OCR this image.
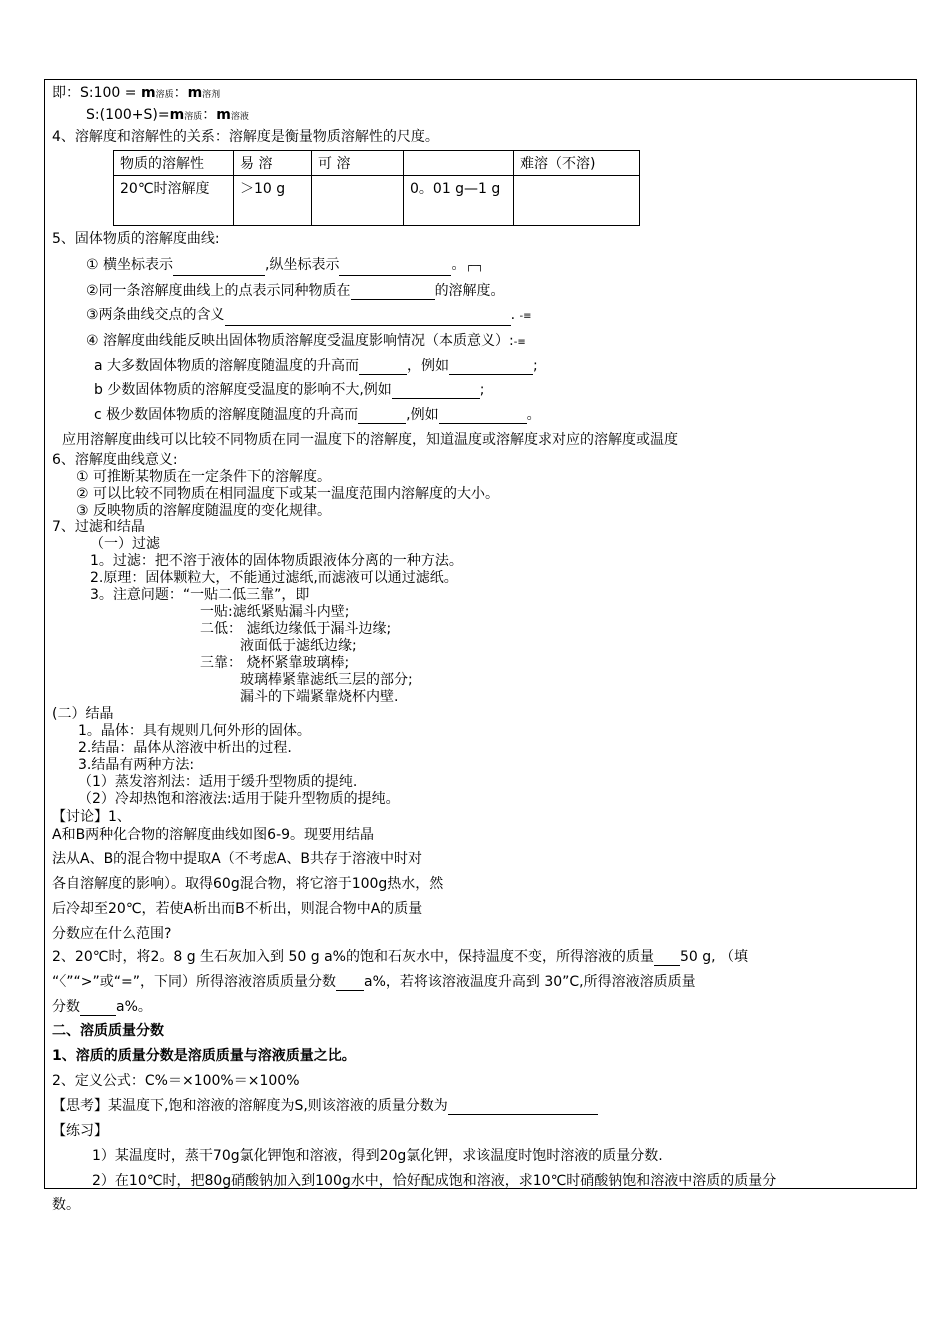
即：S:100 = m溶质：m溶剂
S:(100+S)=m溶质：m溶液
4、溶解度和溶解性的关系：溶解度是衡量物质溶解性的尺度。
物质的溶解性	易 溶	可 溶		难溶（不溶)
20℃时溶解度	＞10 g		0。01 g—1 g	
5、固体物质的溶解度曲线:
① 横坐标表示	,纵坐标表示	。┌─┐
②同一条溶解度曲线上的点表示同种物质在	的溶解度。
③两条曲线交点的含义	. -≡
④ 溶解度曲线能反映出固体物质溶解度受温度影响情况（本质意义）:-≡
a 大多数固体物质的溶解度随温度的升高而	，例如	;
b 少数固体物质的溶解度受温度的影响不大,例如	;
c 极少数固体物质的溶解度随温度的升高而	,例如	。
应用溶解度曲线可以比较不同物质在同一温度下的溶解度，知道温度或溶解度求对应的溶解度或温度
6、溶解度曲线意义:
① 可推断某物质在一定条件下的溶解度。
② 可以比较不同物质在相同温度下或某一温度范围内溶解度的大小。
③ 反映物质的溶解度随温度的变化规律。
7、过滤和结晶
（一）过滤
1。过滤：把不溶于液体的固体物质跟液体分离的一种方法。
2.原理：固体颗粒大，不能通过滤纸,而滤液可以通过滤纸。
3。注意问题：“一贴二低三靠”，即
一贴:滤纸紧贴漏斗内壁;
二低： 滤纸边缘低于漏斗边缘;
液面低于滤纸边缘;
三靠： 烧杯紧靠玻璃棒;
玻璃棒紧靠滤纸三层的部分;
漏斗的下端紧靠烧杯内壁.
(二）结晶
1。晶体：具有规则几何外形的固体。
2.结晶：晶体从溶液中析出的过程.
3.结晶有两种方法:
（1）蒸发溶剂法：适用于缓升型物质的提纯.
（2）冷却热饱和溶液法:适用于陡升型物质的提纯。
【讨论】1、
A和B两种化合物的溶解度曲线如图6-9。现要用结晶
法从A、B的混合物中提取A（不考虑A、B共存于溶液中时对
各自溶解度的影响）。取得60g混合物，将它溶于100g热水，然
后冷却至20℃，若使A析出而B不析出，则混合物中A的质量
分数应在什么范围?
2、20℃时，将2。8 g 生石灰加入到 50 g a%的饱和石灰水中，保持温度不变，所得溶液的质量 50 g, （填
“〈”“>”或“=”，下同）所得溶液溶质质量分数 a%，若将该溶液温度升高到 30”C,所得溶液溶质质量
分数	a%。
二、溶质质量分数
1、溶质的质量分数是溶质质量与溶液质量之比。
2、定义公式：C%＝×100%＝×100%
【思考】某温度下,饱和溶液的溶解度为S,则该溶液的质量分数为
【练习】
1）某温度时，蒸干70g氯化钾饱和溶液，得到20g氯化钾，求该温度时饱时溶液的质量分数.
2）在10℃时，把80g硝酸钠加入到100g水中，恰好配成饱和溶液，求10℃时硝酸钠饱和溶液中溶质的质量分
数。
